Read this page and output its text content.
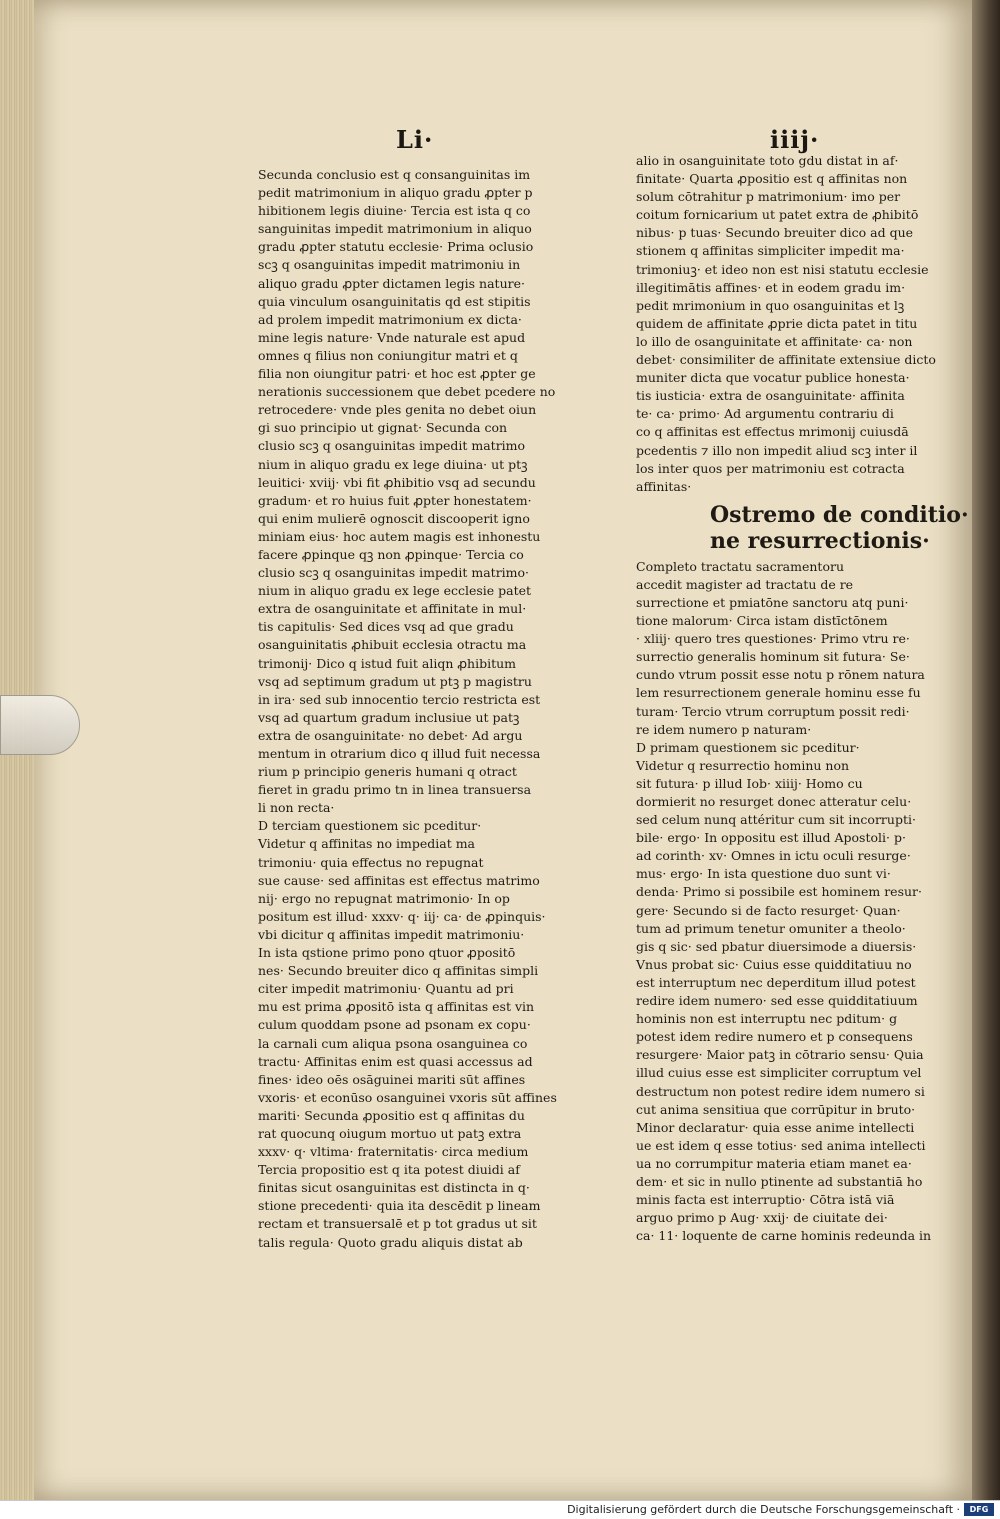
Li·	iiij·
Secunda conclusio est q consanguinitas im
pedit matrimonium in aliquo gradu ꝓpter p
hibitionem legis diuine· Tercia est ista q co
sanguinitas impedit matrimonium in aliquo
gradu ꝓpter statutu ecclesie· Prima oclusio
scꝫ q osanguinitas impedit matrimoniu in
aliquo gradu ꝓpter dictamen legis nature·
quia vinculum osanguinitatis qd est stipitis
ad prolem impedit matrimonium ex dicta·
mine legis nature· Vnde naturale est apud
omnes q filius non coniungitur matri et q
filia non oiungitur patri· et hoc est ꝓpter ge
nerationis successionem que debet pcedere no
retrocedere· vnde ples genita no debet oiun
gi suo principio ut gignat· Secunda con
clusio scꝫ q osanguinitas impedit matrimo
nium in aliquo gradu ex lege diuina· ut ptꝫ
leuitici· xviij· vbi fit ꝓhibitio vsq ad secundu
gradum· et ro huius fuit ꝓpter honestatem·
qui enim mulierē ognoscit discooperit igno
miniam eius· hoc autem magis est inhonestu
facere ꝓpinque qꝫ non ꝓpinque· Tercia co
clusio scꝫ q osanguinitas impedit matrimo·
nium in aliquo gradu ex lege ecclesie patet
extra de osanguinitate et affinitate in mul·
tis capitulis· Sed dices vsq ad que gradu
osanguinitatis ꝓhibuit ecclesia otractu ma
trimonij· Dico q istud fuit aliqn ꝓhibitum
vsq ad septimum gradum ut ptꝫ p magistru
in ira· sed sub innocentio tercio restricta est
vsq ad quartum gradum inclusiue ut patꝫ
extra de osanguinitate· no debet· Ad argu
mentum in otrarium dico q illud fuit necessa
rium p principio generis humani q otract
fieret in gradu primo tn in linea transuersa
li non recta·
D terciam questionem sic pceditur·
Videtur q affinitas no impediat ma
trimoniu· quia effectus no repugnat
sue cause· sed affinitas est effectus matrimo
nij· ergo no repugnat matrimonio· In op
positum est illud· xxxv· q· iij· ca· de ꝓpinquis·
vbi dicitur q affinitas impedit matrimoniu·
In ista qstione primo pono qtuor ꝓpositō
nes· Secundo breuiter dico q affinitas simpli
citer impedit matrimoniu· Quantu ad pri
mu est prima ꝓpositō ista q affinitas est vin
culum quoddam psone ad psonam ex copu·
la carnali cum aliqua psona osanguinea co
tractu· Affinitas enim est quasi accessus ad
fines· ideo oēs osāguinei mariti sūt affines
vxoris· et econūso osanguinei vxoris sūt affines
mariti· Secunda ꝓpositio est q affinitas du
rat quocunq oiugum mortuo ut patꝫ extra
xxxv· q· vltima· fraternitatis· circa medium
Tercia propositio est q ita potest diuidi af
finitas sicut osanguinitas est distincta in q·
stione precedenti· quia ita descēdit p lineam
rectam et transuersalē et p tot gradus ut sit
talis regula· Quoto gradu aliquis distat ab
alio in osanguinitate toto gdu distat in af·
finitate· Quarta ꝓpositio est q affinitas non
solum cōtrahitur p matrimonium· imo per
coitum fornicarium ut patet extra de ꝓhibitō
nibus· p tuas· Secundo breuiter dico ad que
stionem q affinitas simpliciter impedit ma·
trimoniuꝫ· et ideo non est nisi statutu ecclesie
illegitimātis affines· et in eodem gradu im·
pedit mrimonium in quo osanguinitas et lꝫ
quidem de affinitate ꝓprie dicta patet in titu
lo illo de osanguinitate et affinitate· ca· non
debet· consimiliter de affinitate extensiue dicto
muniter dicta que vocatur publice honesta·
tis iusticia· extra de osanguinitate· affinita
te· ca· primo· Ad argumentu contrariu di
co q affinitas est effectus mrimonij cuiusdā
pcedentis ⁊ illo non impedit aliud scꝫ inter il
los inter quos per matrimoniu est cotracta
affinitas·
Ostremo de conditio·
ne resurrectionis·
Completo tractatu sacramentoru
accedit magister ad tractatu de re
surrectione et pmiatōne sanctoru atq puni·
tione malorum· Circa istam distīctōnem
· xliij· quero tres questiones· Primo vtru re·
surrectio generalis hominum sit futura· Se·
cundo vtrum possit esse notu p rōnem natura
lem resurrectionem generale hominu esse fu
turam· Tercio vtrum corruptum possit redi·
re idem numero p naturam·
D primam questionem sic pceditur·
Videtur q resurrectio hominu non
sit futura· p illud Iob· xiiij· Homo cu
dormierit no resurget donec atteratur celu·
sed celum nunq attéritur cum sit incorrupti·
bile· ergo· In oppositu est illud Apostoli· p·
ad corinth· xv· Omnes in ictu oculi resurge·
mus· ergo· In ista questione duo sunt vi·
denda· Primo si possibile est hominem resur·
gere· Secundo si de facto resurget· Quan·
tum ad primum tenetur omuniter a theolo·
gis q sic· sed pbatur diuersimode a diuersis·
Vnus probat sic· Cuius esse quidditatiuu no
est interruptum nec deperditum illud potest
redire idem numero· sed esse quidditatiuum
hominis non est interruptu nec pditum· g
potest idem redire numero et p consequens
resurgere· Maior patꝫ in cōtrario sensu· Quia
illud cuius esse est simpliciter corruptum vel
destructum non potest redire idem numero si
cut anima sensitiua que corrūpitur in bruto·
Minor declaratur· quia esse anime intellecti
ue est idem q esse totius· sed anima intellecti
ua no corrumpitur materia etiam manet ea·
dem· et sic in nullo ptinente ad substantiā ho
minis facta est interruptio· Cōtra istā viā
arguo primo p Aug· xxij· de ciuitate dei·
ca· 11· loquente de carne hominis redeunda in
Digitalisierung gefördert durch die Deutsche Forschungsgemeinschaft ·	DFG
